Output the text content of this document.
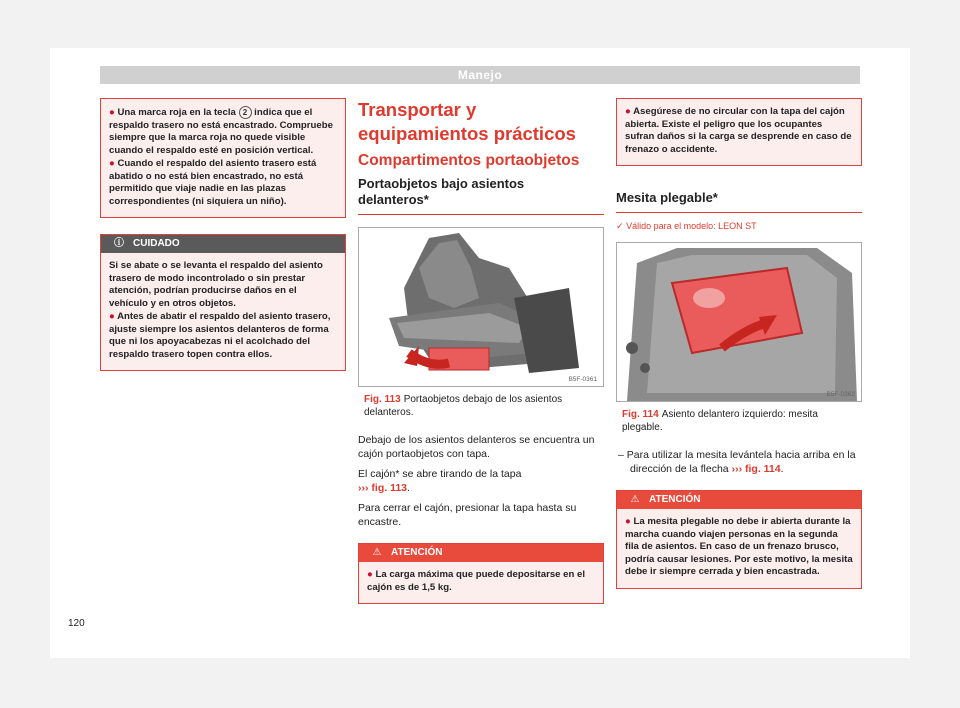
Manejo

● Una marca roja en la tecla 2 indica que el respaldo trasero no está encastrado. Compruebe siempre que la marca roja no quede visible cuando el respaldo esté en posición vertical.

● Cuando el respaldo del asiento trasero está abatido o no está bien encastrado, no está permitido que viaje nadie en las plazas correspondientes (ni siquiera un niño).

ⓘ CUIDADO

Si se abate o se levanta el respaldo del asiento trasero de modo incontrolado o sin prestar atención, podrían producirse daños en el vehículo y en otros objetos.

● Antes de abatir el respaldo del asiento trasero, ajuste siempre los asientos delanteros de forma que ni los apoyacabezas ni el acolchado del respaldo trasero topen contra ellos.

Transportar y

equipamientos prácticos

Compartimentos portaobjetos

Portaobjetos bajo asientos
delanteros*
B5F-0361

Fig. 113 Portaobjetos debajo de los asientos delanteros.

Debajo de los asientos delanteros se encuentra un cajón portaobjetos con tapa.

El cajón* se abre tirando de la tapa
››› fig. 113.

Para cerrar el cajón, presionar la tapa hasta su encastre.

⚠ ATENCIÓN

● La carga máxima que puede depositarse en el cajón es de 1,5 kg.

● Asegúrese de no circular con la tapa del cajón abierta. Existe el peligro que los ocupantes sufran daños si la carga se desprende en caso de frenazo o accidente.

Mesita plegable*

✓ Válido para el modelo: LEON ST

B5F-0362

Fig. 114 Asiento delantero izquierdo: mesita plegable.

– Para utilizar la mesita levántela hacia arriba en la dirección de la flecha ››› fig. 114.

⚠ ATENCIÓN

● La mesita plegable no debe ir abierta durante la marcha cuando viajen personas en la segunda fila de asientos. En caso de un frenazo brusco, podría causar lesiones. Por este motivo, la mesita debe ir siempre cerrada y bien encastrada.

120
